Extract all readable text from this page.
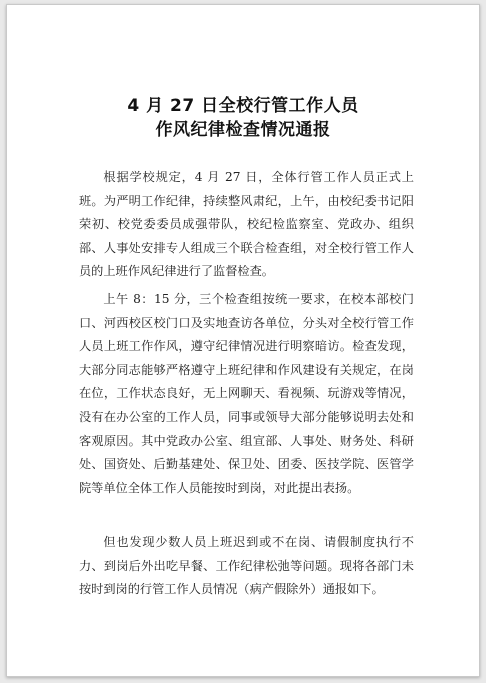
4 月 27 日全校行管工作人员
作风纪律检查情况通报

根据学校规定，4 月 27 日，全体行管工作人员正式上班。为严明工作纪律，持续整风肃纪，上午，由校纪委书记阳荣初、校党委委员成强带队，校纪检监察室、党政办、组织部、人事处安排专人组成三个联合检查组，对全校行管工作人员的上班作风纪律进行了监督检查。

上午 8：15 分，三个检查组按统一要求，在校本部校门口、河西校区校门口及实地查访各单位，分头对全校行管工作人员上班工作作风，遵守纪律情况进行明察暗访。检查发现，大部分同志能够严格遵守上班纪律和作风建设有关规定，在岗在位，工作状态良好，无上网聊天、看视频、玩游戏等情况，没有在办公室的工作人员，同事或领导大部分能够说明去处和客观原因。其中党政办公室、组宣部、人事处、财务处、科研处、国资处、后勤基建处、保卫处、团委、医技学院、医管学院等单位全体工作人员能按时到岗，对此提出表扬。

但也发现少数人员上班迟到或不在岗、请假制度执行不力、到岗后外出吃早餐、工作纪律松弛等问题。现将各部门未按时到岗的行管工作人员情况（病产假除外）通报如下。
